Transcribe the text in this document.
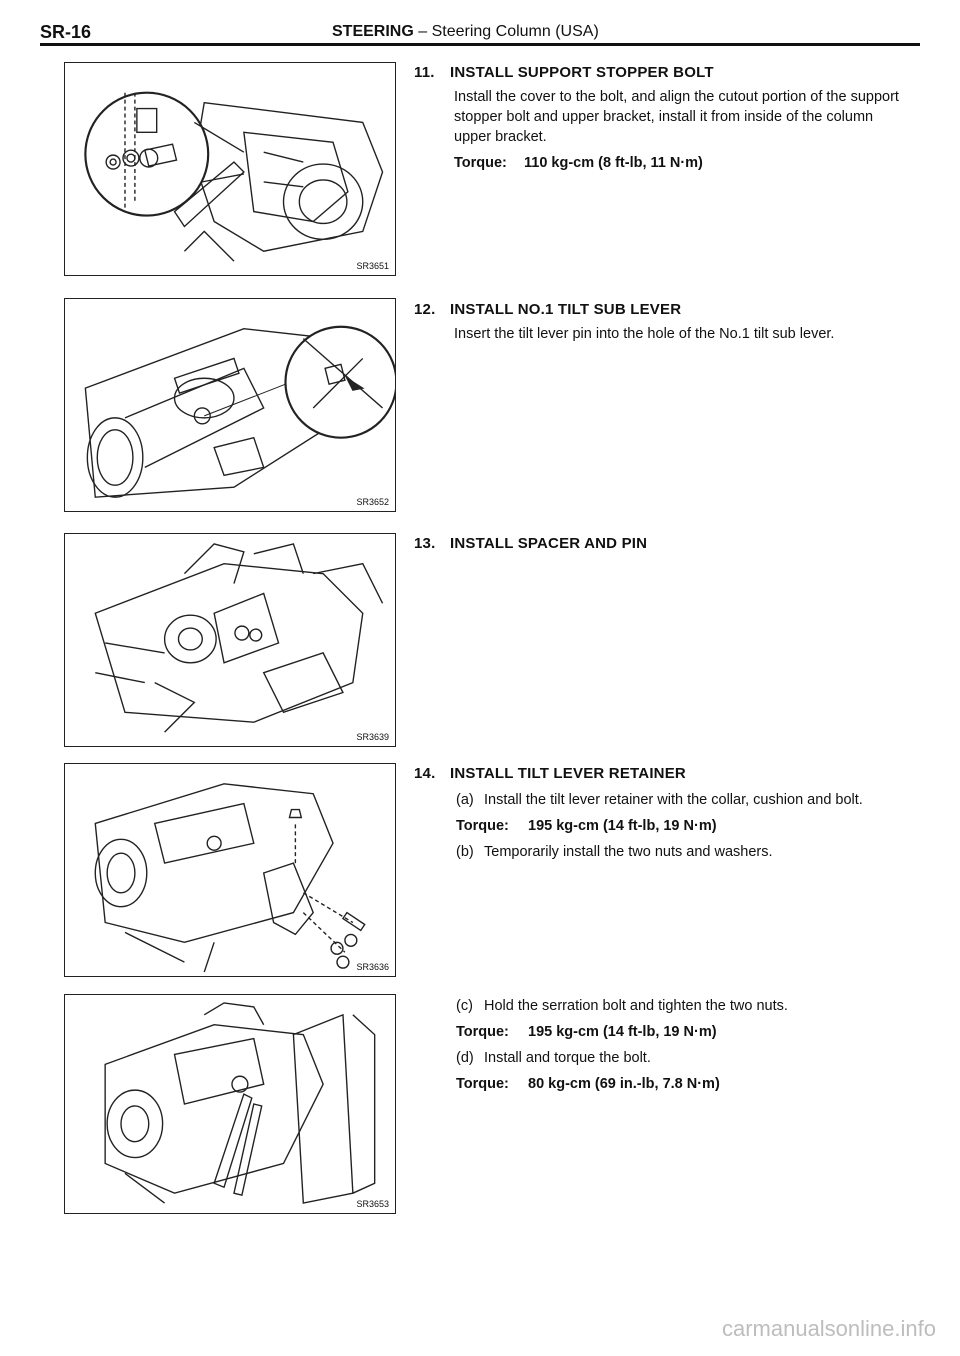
SR-16	STEERING – Steering Column (USA)
SR3651
SR3652
SR3639
SR3636
SR3653
11. INSTALL SUPPORT STOPPER BOLT
Install the cover to the bolt, and align the cutout portion of the support stopper bolt and upper bracket, install it from inside of the column upper bracket.
Torque: 110 kg-cm (8 ft-lb, 11 N·m)
12. INSTALL NO.1 TILT SUB LEVER
Insert the tilt lever pin into the hole of the No.1 tilt sub lever.
13. INSTALL SPACER AND PIN
14. INSTALL TILT LEVER RETAINER
(a) Install the tilt lever retainer with the collar, cushion and bolt.
Torque: 195 kg-cm (14 ft-lb, 19 N·m)
(b) Temporarily install the two nuts and washers.
(c) Hold the serration bolt and tighten the two nuts.
Torque: 195 kg-cm (14 ft-lb, 19 N·m)
(d) Install and torque the bolt.
Torque: 80 kg-cm (69 in.-lb, 7.8 N·m)
carmanualsonline.info
